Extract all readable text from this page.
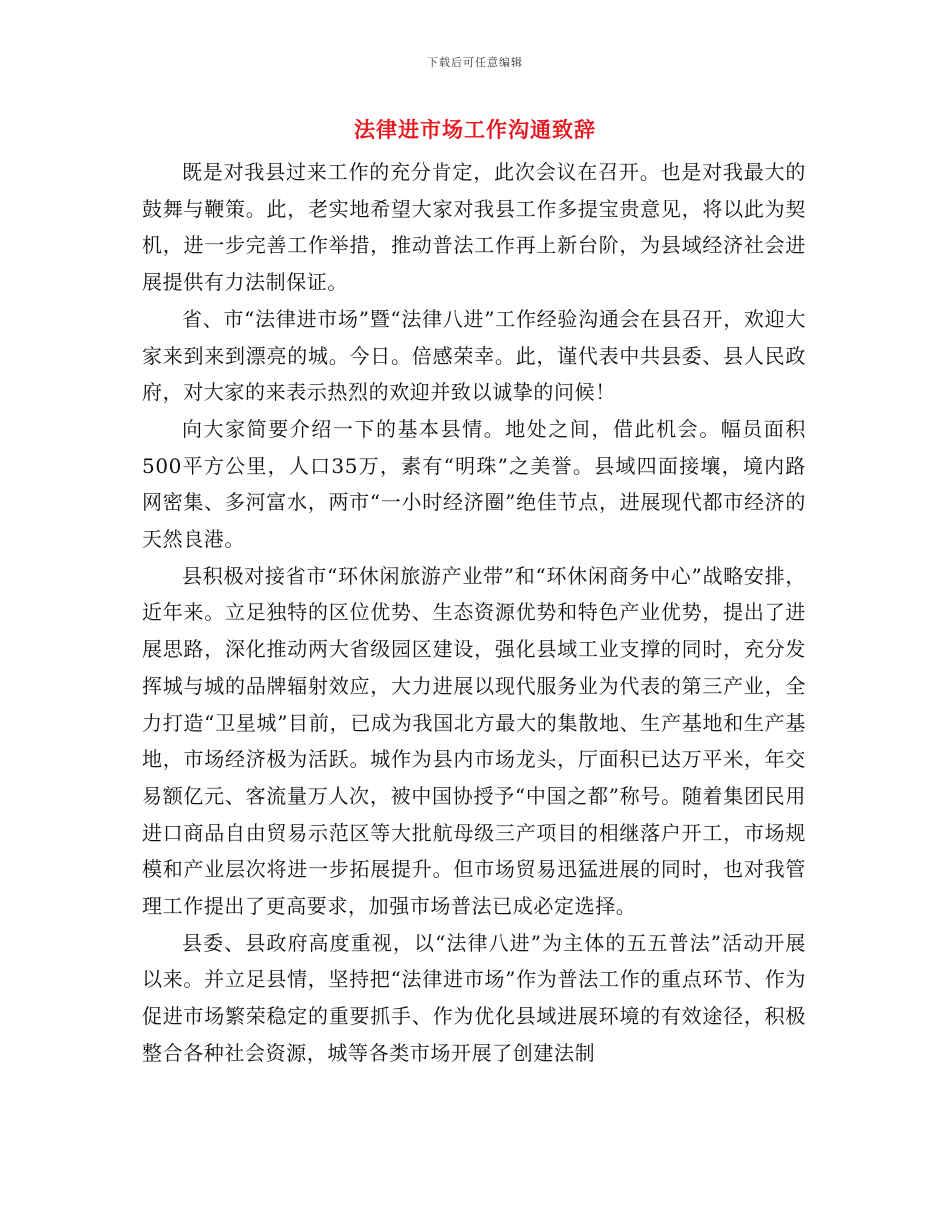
下载后可任意编辑
法律进市场工作沟通致辞

既是对我县过来工作的充分肯定，此次会议在召开。也是对我最大的鼓舞与鞭策。此，老实地希望大家对我县工作多提宝贵意见，将以此为契机，进一步完善工作举措，推动普法工作再上新台阶，为县域经济社会进展提供有力法制保证。

省、市“法律进市场”暨“法律八进”工作经验沟通会在县召开，欢迎大家来到来到漂亮的城。今日。倍感荣幸。此，谨代表中共县委、县人民政府，对大家的来表示热烈的欢迎并致以诚挚的问候！

向大家简要介绍一下的基本县情。地处之间，借此机会。幅员面积500平方公里，人口35万，素有“明珠”之美誉。县域四面接壤，境内路网密集、多河富水，两市“一小时经济圈”绝佳节点，进展现代都市经济的天然良港。

县积极对接省市“环休闲旅游产业带”和“环休闲商务中心”战略安排，近年来。立足独特的区位优势、生态资源优势和特色产业优势，提出了进展思路，深化推动两大省级园区建设，强化县域工业支撑的同时，充分发挥城与城的品牌辐射效应，大力进展以现代服务业为代表的第三产业，全力打造“卫星城”目前，已成为我国北方最大的集散地、生产基地和生产基地，市场经济极为活跃。城作为县内市场龙头，厅面积已达万平米，年交易额亿元、客流量万人次，被中国协授予“中国之都”称号。随着集团民用进口商品自由贸易示范区等大批航母级三产项目的相继落户开工，市场规模和产业层次将进一步拓展提升。但市场贸易迅猛进展的同时，也对我管理工作提出了更高要求，加强市场普法已成必定选择。

县委、县政府高度重视，以“法律八进”为主体的五五普法”活动开展以来。并立足县情，坚持把“法律进市场”作为普法工作的重点环节、作为促进市场繁荣稳定的重要抓手、作为优化县域进展环境的有效途径，积极整合各种社会资源，城等各类市场开展了创建法制
